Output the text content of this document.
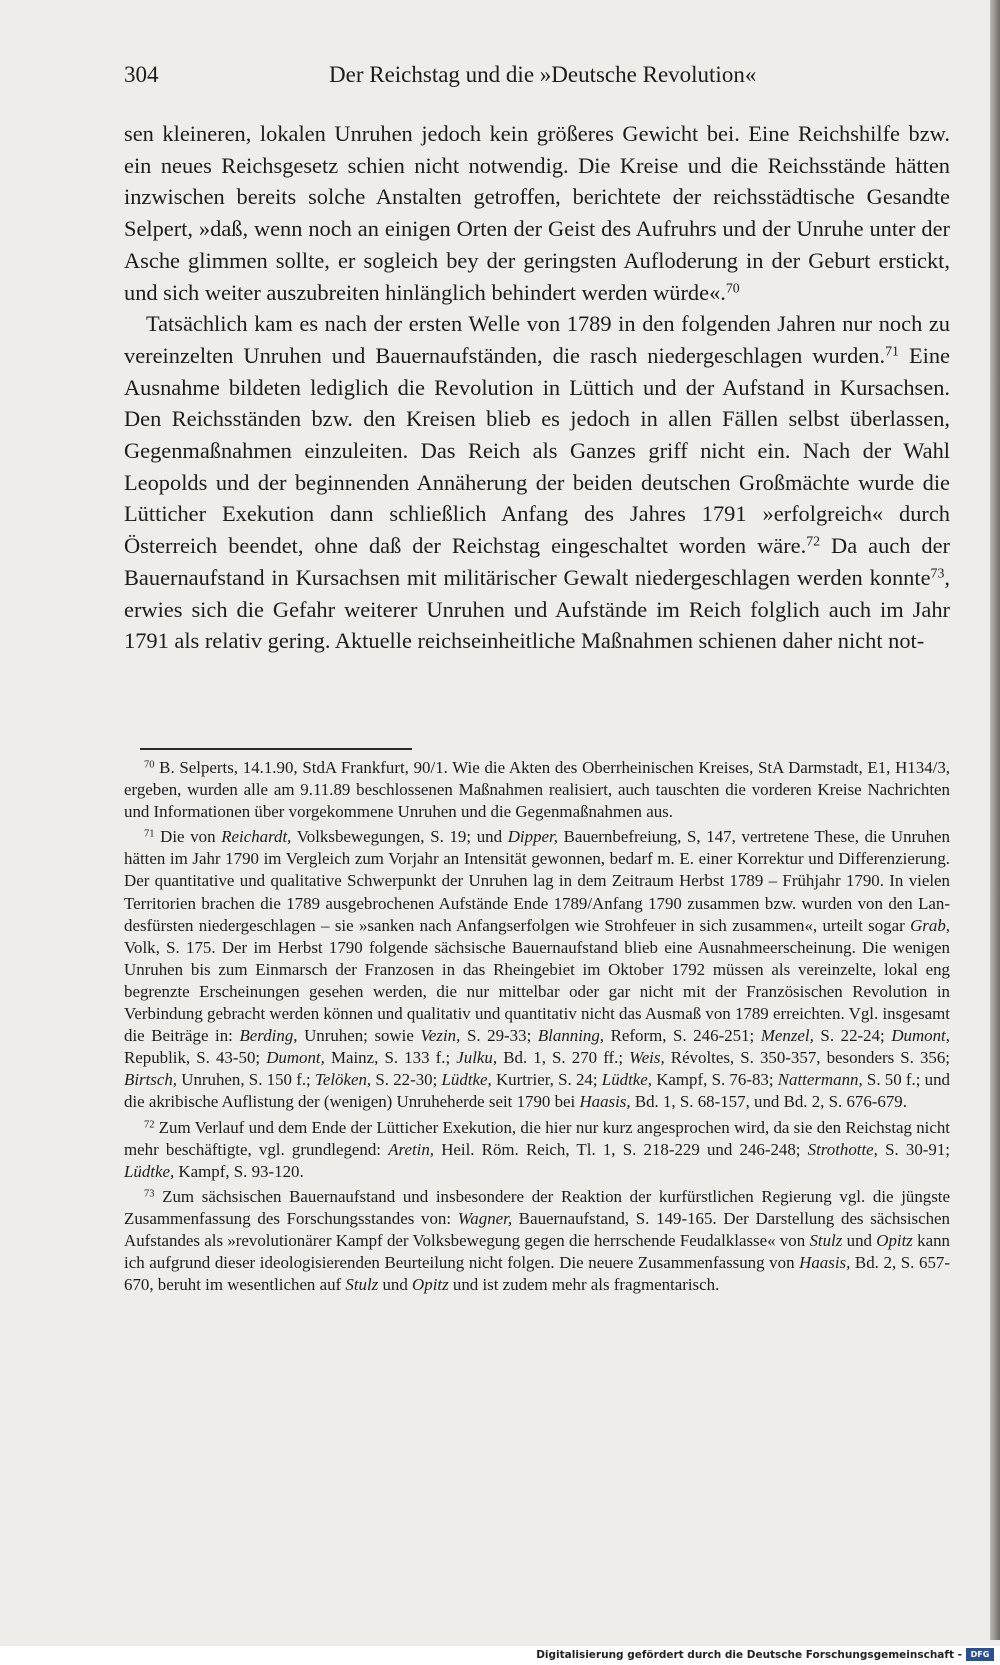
304	Der Reichstag und die »Deutsche Revolution«

sen kleineren, lokalen Unruhen jedoch kein größeres Gewicht bei. Eine Reichshilfe bzw. ein neues Reichsgesetz schien nicht notwendig. Die Kreise und die Reichsstände hätten inzwischen bereits solche Anstalten getroffen, berichtete der reichsstädtische Gesandte Selpert, »daß, wenn noch an einigen Orten der Geist des Aufruhrs und der Unruhe unter der Asche glimmen sollte, er sogleich bey der geringsten Aufloderung in der Geburt erstickt, und sich weiter auszubreiten hinlänglich behindert werden würde«.$^{70}$

Tatsächlich kam es nach der ersten Welle von 1789 in den folgenden Jahren nur noch zu vereinzelten Unruhen und Bauernaufständen, die rasch niedergeschlagen wurden.$^{71}$ Eine Ausnahme bildeten lediglich die Revolution in Lüttich und der Aufstand in Kursachsen. Den Reichsständen bzw. den Kreisen blieb es jedoch in allen Fällen selbst überlassen, Gegenmaßnahmen einzuleiten. Das Reich als Ganzes griff nicht ein. Nach der Wahl Leopolds und der beginnenden Annäherung der beiden deutschen Großmächte wurde die Lütticher Exekution dann schließlich Anfang des Jahres 1791 »erfolgreich« durch Österreich beendet, ohne daß der Reichstag eingeschaltet worden wäre.$^{72}$ Da auch der Bauernaufstand in Kursachsen mit militärischer Gewalt niedergeschlagen werden konnte$^{73}$, erwies sich die Gefahr weiterer Unruhen und Aufstände im Reich folglich auch im Jahr 1791 als relativ gering. Aktuelle reichseinheitliche Maßnahmen schienen daher nicht not-

$^{70}$ B. Selperts, 14.1.90, StdA Frankfurt, 90/1. Wie die Akten des Oberrheinischen Kreises, StA Darmstadt, E1, H134/3, ergeben, wurden alle am 9.11.89 beschlossenen Maßnahmen realisiert, auch tauschten die vorderen Kreise Nachrichten und Informationen über vorgekommene Unruhen und die Gegenmaßnahmen aus.

$^{71}$ Die von Reichardt, Volksbewegungen, S. 19; und Dipper, Bauernbefreiung, S, 147, vertretene These, die Unruhen hätten im Jahr 1790 im Vergleich zum Vorjahr an Intensität gewonnen, bedarf m. E. einer Korrektur und Differenzierung. Der quantitative und qualitative Schwerpunkt der Unruhen lag in dem Zeitraum Herbst 1789 – Frühjahr 1790. In vielen Territorien brachen die 1789 ausgebrochenen Aufstände Ende 1789/Anfang 1790 zusammen bzw. wurden von den Landesfürsten niedergeschlagen – sie »sanken nach Anfangserfolgen wie Strohfeuer in sich zusammen«, urteilt sogar Grab, Volk, S. 175. Der im Herbst 1790 folgende sächsische Bauernaufstand blieb eine Ausnahmeerscheinung. Die wenigen Unruhen bis zum Einmarsch der Franzosen in das Rheingebiet im Oktober 1792 müssen als vereinzelte, lokal eng begrenzte Erscheinungen gesehen werden, die nur mittelbar oder gar nicht mit der Französischen Revolution in Verbindung gebracht werden können und qualitativ und quantitativ nicht das Ausmaß von 1789 erreichten. Vgl. insgesamt die Beiträge in: Berding, Unruhen; sowie Vezin, S. 29-33; Blanning, Reform, S. 246-251; Menzel, S. 22-24; Dumont, Republik, S. 43-50; Dumont, Mainz, S. 133 f.; Julku, Bd. 1, S. 270 ff.; Weis, Révoltes, S. 350-357, besonders S. 356; Birtsch, Unruhen, S. 150 f.; Telöken, S. 22-30; Lüdtke, Kurtrier, S. 24; Lüdtke, Kampf, S. 76-83; Nattermann, S. 50 f.; und die akribische Auflistung der (wenigen) Unruheherde seit 1790 bei Haasis, Bd. 1, S. 68-157, und Bd. 2, S. 676-679.

$^{72}$ Zum Verlauf und dem Ende der Lütticher Exekution, die hier nur kurz angesprochen wird, da sie den Reichstag nicht mehr beschäftigte, vgl. grundlegend: Aretin, Heil. Röm. Reich, Tl. 1, S. 218-229 und 246-248; Strothotte, S. 30-91; Lüdtke, Kampf, S. 93-120.

$^{73}$ Zum sächsischen Bauernaufstand und insbesondere der Reaktion der kurfürstlichen Regierung vgl. die jüngste Zusammenfassung des Forschungsstandes von: Wagner, Bauernaufstand, S. 149-165. Der Darstellung des sächsischen Aufstandes als »revolutionärer Kampf der Volksbewegung gegen die herrschende Feudalklasse« von Stulz und Opitz kann ich aufgrund dieser ideologisierenden Beurteilung nicht folgen. Die neuere Zusammenfassung von Haasis, Bd. 2, S. 657-670, beruht im wesentlichen auf Stulz und Opitz und ist zudem mehr als fragmentarisch.

Digitalisierung gefördert durch die Deutsche Forschungsgemeinschaft -	DFG
